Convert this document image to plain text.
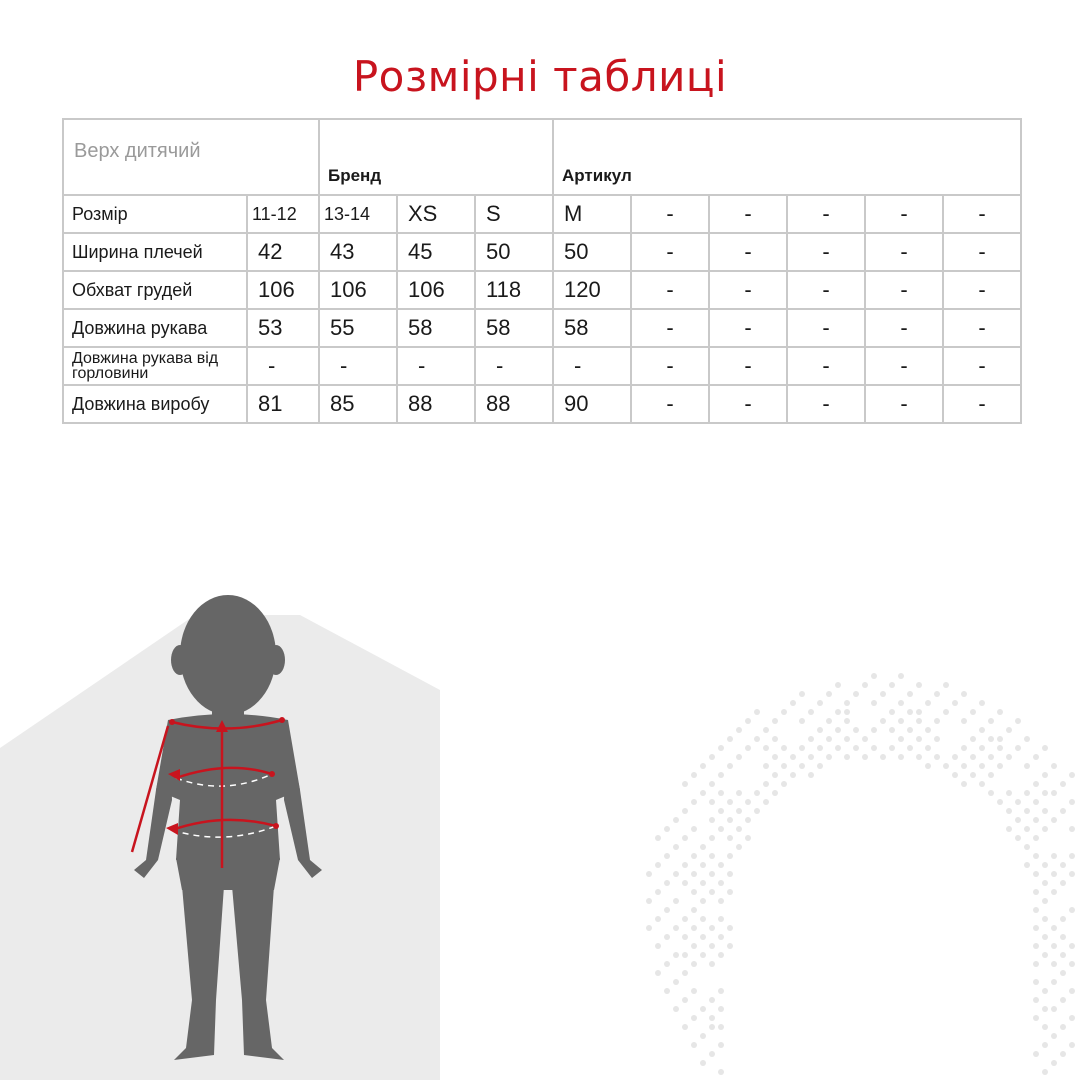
Розмірні таблиці
Верх дитячий		Бренд			Артикул					
Розмір	11-12	13-14	XS	S	M	-	-	-	-	-
Ширина плечей	42	43	45	50	50	-	-	-	-	-
Обхват грудей	106	106	106	118	120	-	-	-	-	-
Довжина рукава	53	55	58	58	58	-	-	-	-	-
Довжина рукава від горловини	-	-	-	-	-	-	-	-	-	-
Довжина виробу	81	85	88	88	90	-	-	-	-	-
